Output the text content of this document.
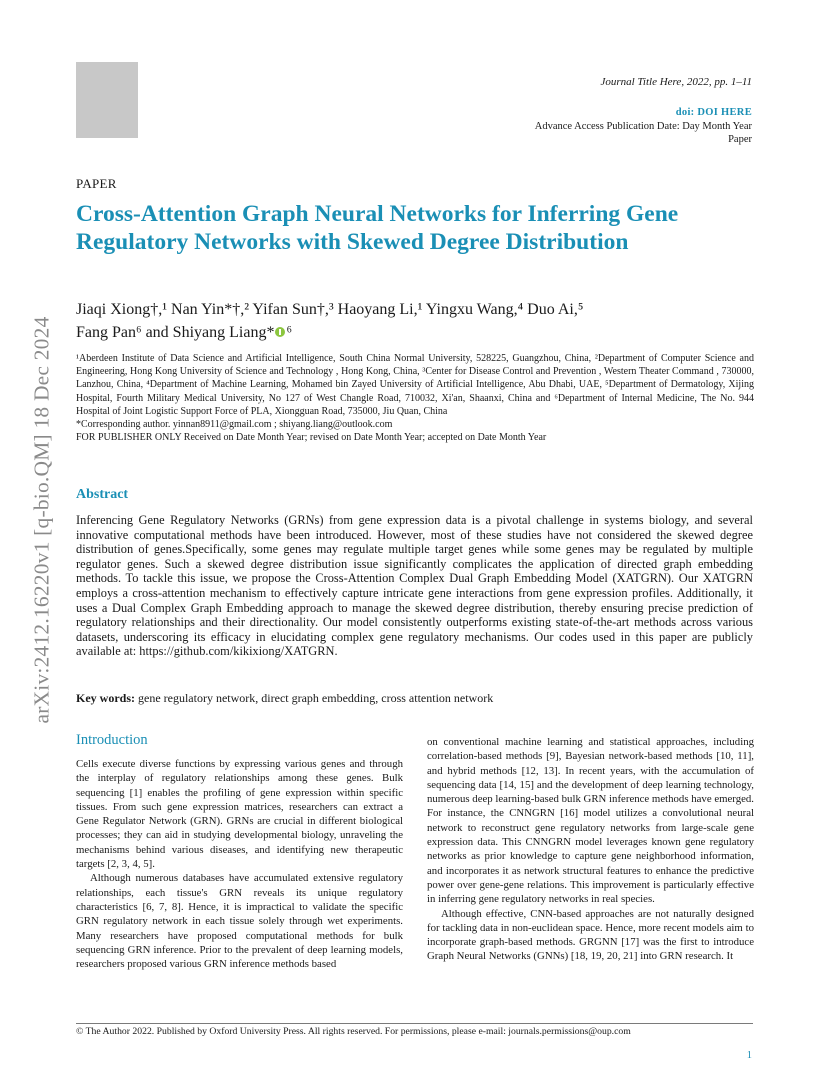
Journal Title Here, 2022, pp. 1–11
doi: DOI HERE
Advance Access Publication Date: Day Month Year
Paper
arXiv:2412.16220v1 [q-bio.QM] 18 Dec 2024
PAPER
Cross-Attention Graph Neural Networks for Inferring Gene Regulatory Networks with Skewed Degree Distribution
Jiaqi Xiong†,¹ Nan Yin*†,² Yifan Sun†,³ Haoyang Li,¹ Yingxu Wang,⁴ Duo Ai,⁵
Fang Pan⁶ and Shiyang Liang* ⁶

¹Aberdeen Institute of Data Science and Artificial Intelligence, South China Normal University, 528225, Guangzhou, China, ²Department of Computer Science and Engineering, Hong Kong University of Science and Technology , Hong Kong, China, ³Center for Disease Control and Prevention , Western Theater Command , 730000, Lanzhou, China, ⁴Department of Machine Learning, Mohamed bin Zayed University of Artificial Intelligence, Abu Dhabi, UAE, ⁵Department of Dermatology, Xijing Hospital, Fourth Military Medical University, No 127 of West Changle Road, 710032, Xi'an, Shaanxi, China and ⁶Department of Internal Medicine, The No. 944 Hospital of Joint Logistic Support Force of PLA, Xiongguan Road, 735000, Jiu Quan, China

*Corresponding author. yinnan8911@gmail.com ; shiyang.liang@outlook.com

FOR PUBLISHER ONLY Received on Date Month Year; revised on Date Month Year; accepted on Date Month Year

Abstract
Inferencing Gene Regulatory Networks (GRNs) from gene expression data is a pivotal challenge in systems biology, and several innovative computational methods have been introduced. However, most of these studies have not considered the skewed degree distribution of genes.Specifically, some genes may regulate multiple target genes while some genes may be regulated by multiple regulator genes. Such a skewed degree distribution issue significantly complicates the application of directed graph embedding methods. To tackle this issue, we propose the Cross-Attention Complex Dual Graph Embedding Model (XATGRN). Our XATGRN employs a cross-attention mechanism to effectively capture intricate gene interactions from gene expression profiles. Additionally, it uses a Dual Complex Graph Embedding approach to manage the skewed degree distribution, thereby ensuring precise prediction of regulatory relationships and their directionality. Our model consistently outperforms existing state-of-the-art methods across various datasets, underscoring its efficacy in elucidating complex gene regulatory mechanisms. Our codes used in this paper are publicly available at: https://github.com/kikixiong/XATGRN.
Key words: gene regulatory network, direct graph embedding, cross attention network
Introduction

Cells execute diverse functions by expressing various genes and through the interplay of regulatory relationships among these genes. Bulk sequencing [1] enables the profiling of gene expression within specific tissues. From such gene expression matrices, researchers can extract a Gene Regulator Network (GRN). GRNs are crucial in different biological processes; they can aid in studying developmental biology, unraveling the mechanisms behind various diseases, and identifying new therapeutic targets [2, 3, 4, 5].

Although numerous databases have accumulated extensive regulatory relationships, each tissue's GRN reveals its unique regulatory characteristics [6, 7, 8]. Hence, it is impractical to validate the specific GRN regulatory network in each tissue solely through wet experiments. Many researchers have proposed computational methods for bulk sequencing GRN inference. Prior to the prevalent of deep learning models, researchers proposed various GRN inference methods based

on conventional machine learning and statistical approaches, including correlation-based methods [9], Bayesian network-based methods [10, 11], and hybrid methods [12, 13]. In recent years, with the accumulation of sequencing data [14, 15] and the development of deep learning technology, numerous deep learning-based bulk GRN inference methods have emerged. For instance, the CNNGRN [16] model utilizes a convolutional neural network to reconstruct gene regulatory networks from large-scale gene expression data. This CNNGRN model leverages known gene regulatory networks as prior knowledge to capture gene neighborhood information, and incorporates it as network structural features to enhance the predictive power over gene-gene relations. This improvement is particularly effective in inferring gene regulatory networks in real species.

Although effective, CNN-based approaches are not naturally designed for tackling data in non-euclidean space. Hence, more recent models aim to incorporate graph-based methods. GRGNN [17] was the first to introduce Graph Neural Networks (GNNs) [18, 19, 20, 21] into GRN research. It

© The Author 2022. Published by Oxford University Press. All rights reserved. For permissions, please e-mail: journals.permissions@oup.com
1
